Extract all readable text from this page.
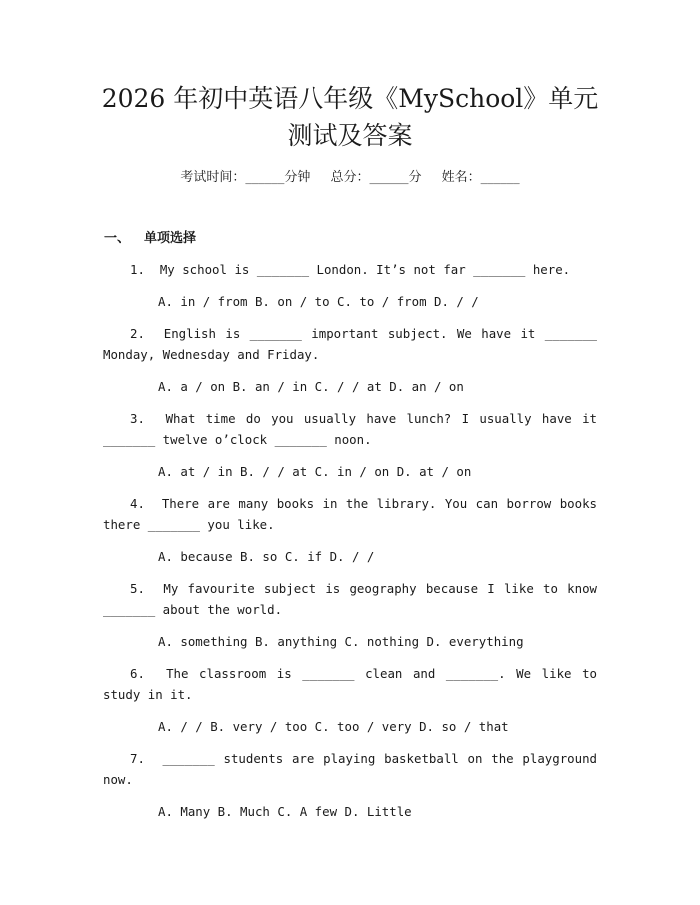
2026 年初中英语八年级《MySchool》单元测试及答案
考试时间：______分钟 总分：______分 姓名：______
一、 单项选择

1. My school is _______ London. It’s not far _______ here.

A. in / from B. on / to C. to / from D. / /

2. English is _______ important subject. We have it _______ Monday, Wednesday and Friday.

A. a / on B. an / in C. / / at D. an / on

3. What time do you usually have lunch? I usually have it _______ twelve o’clock _______ noon.

A. at / in B. / / at C. in / on D. at / on

4. There are many books in the library. You can borrow books there _______ you like.

A. because B. so C. if D. / /

5. My favourite subject is geography because I like to know _______ about the world.

A. something B. anything C. nothing D. everything

6. The classroom is _______ clean and _______. We like to study in it.

A. / / B. very / too C. too / very D. so / that

7. _______ students are playing basketball on the playground now.

A. Many B. Much C. A few D. Little
